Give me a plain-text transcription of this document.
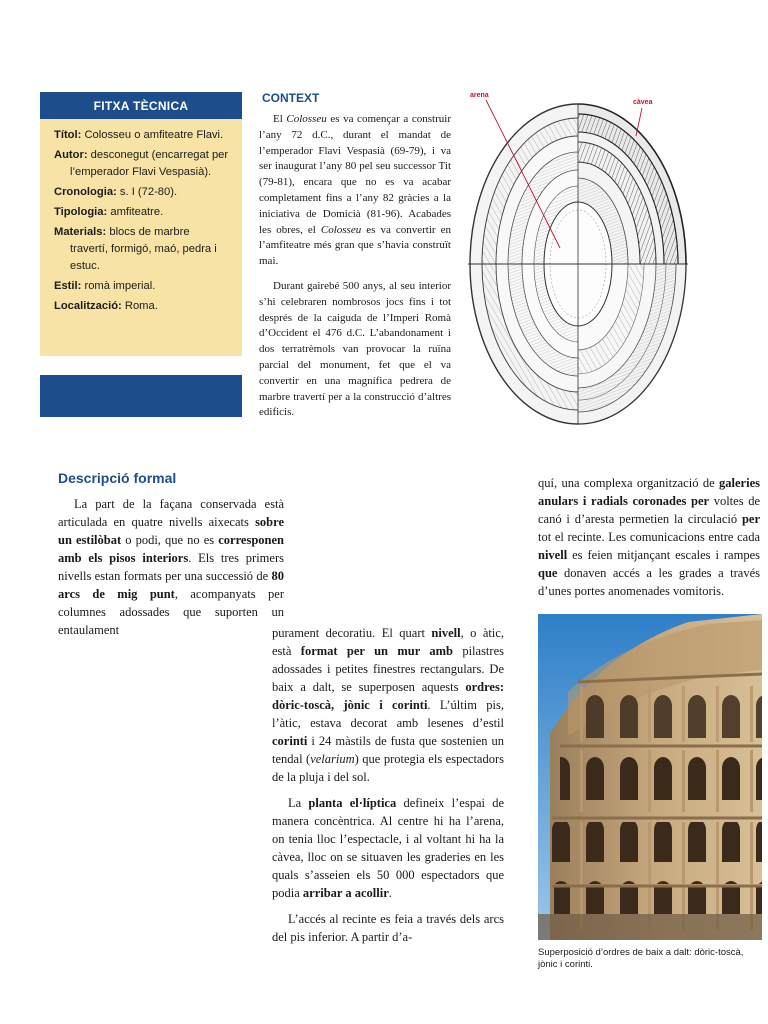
FITXA TÈCNICA
Títol: Colosseu o amfiteatre Flavi.
Autor: desconegut (encarregat per
l’emperador Flavi Vespasià).
Cronologia: s. I (72-80).
Tipologia: amfiteatre.
Materials: blocs de marbre
travertí, formigó, maó, pedra i estuc.
Estil: romà imperial.
Localització: Roma.
CONTEXT

El Colosseu es va començar a construir l’any 72 d.C., durant el mandat de l’emperador Flavi Vespasià (69-79), i va ser inaugurat l’any 80 pel seu successor Tit (79-81), encara que no es va acabar completament fins a l’any 82 gràcies a la iniciativa de Domicià (81-96). Acabades les obres, el Colosseu es va convertir en l’amfiteatre més gran que s’havia construït mai.

Durant gairebé 500 anys, al seu interior s’hi celebraren nombrosos jocs fins i tot després de la caiguda de l’Imperi Romà d’Occident el 476 d.C. L’abandonament i dos terratrèmols van provocar la ruïna parcial del monument, fet que el va convertir en una magnífica pedrera de marbre travertí per a la construcció d’altres edificis.

arena
càvea
Descripció formal

La part de la façana conservada està articulada en quatre nivells aixecats sobre un estilòbat o podi, que no es corresponen amb els pisos interiors. Els tres primers nivells estan formats per una successió de 80 arcs de mig punt, acompanyats per columnes adossades que suporten un entaulament	purament decoratiu. El quart nivell, o àtic, està format per un mur amb pilastres adossades i petites finestres rectangulars. De baix a dalt, se superposen aquests ordres: dòric-toscà, jònic i corinti. L’últim pis, l’àtic, estava decorat amb lesenes d’estil corinti i 24 màstils de fusta que sostenien un tendal (velarium) que protegia els espectadors de la pluja i del sol.

La planta el·líptica defineix l’espai de manera concèntrica. Al centre hi ha l’arena, on tenia lloc l’espectacle, i al voltant hi ha la càvea, lloc on se situaven les graderies en les quals s’asseien els 50 000 espectadors que podia arribar a acollir.

L’accés al recinte es feia a través dels arcs del pis inferior. A partir d’a-

quí, una complexa organització de galeries anulars i radials coronades per voltes de canó i d’aresta permetien la circulació per tot el recinte. Les comunicacions entre cada nivell es feien mitjançant escales i rampes que donaven accés a les grades a través d’unes portes anomenades vomitoris.

Superposició d’ordres de baix a dalt: dòric-toscà, jònic i corinti.
